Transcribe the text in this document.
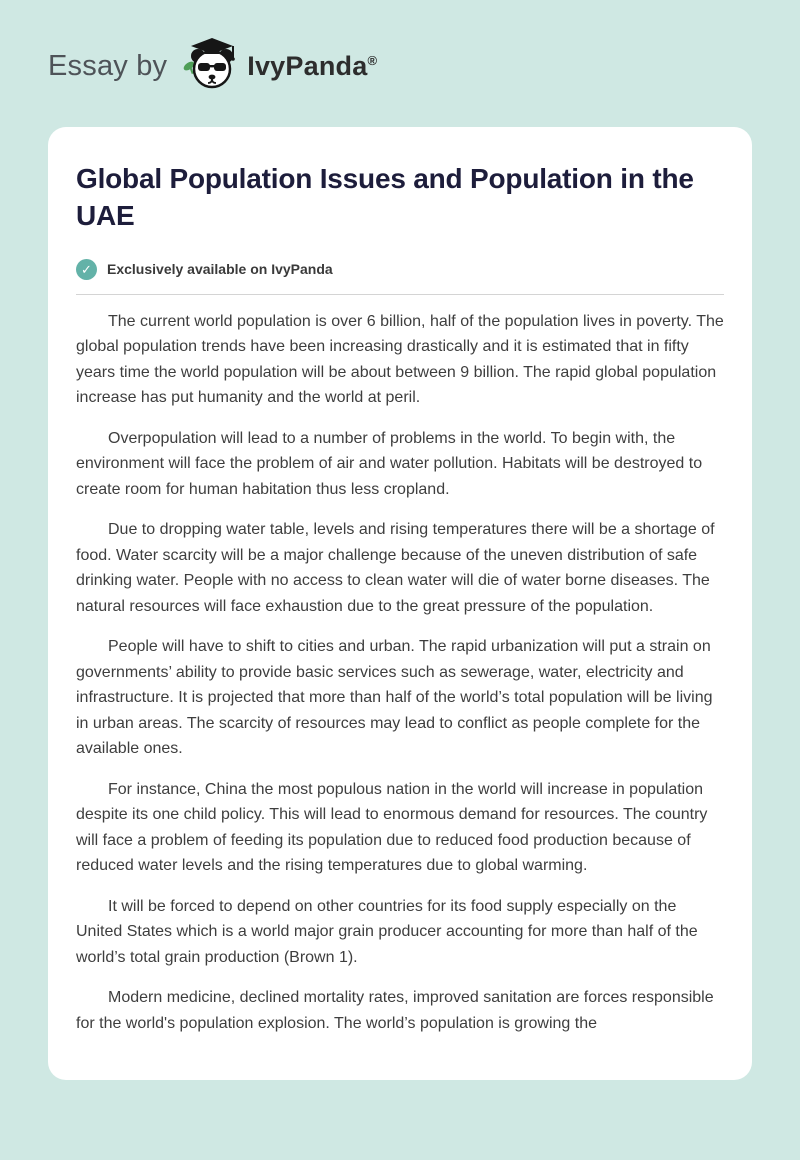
Essay by	IvyPanda®
Global Population Issues and Population in the UAE
✓	Exclusively available on IvyPanda

The current world population is over 6 billion, half of the population lives in poverty. The global population trends have been increasing drastically and it is estimated that in fifty years time the world population will be about between 9 billion. The rapid global population increase has put humanity and the world at peril.

Overpopulation will lead to a number of problems in the world. To begin with, the environment will face the problem of air and water pollution. Habitats will be destroyed to create room for human habitation thus less cropland.

Due to dropping water table, levels and rising temperatures there will be a shortage of food. Water scarcity will be a major challenge because of the uneven distribution of safe drinking water. People with no access to clean water will die of water borne diseases. The natural resources will face exhaustion due to the great pressure of the population.

People will have to shift to cities and urban. The rapid urbanization will put a strain on governments’ ability to provide basic services such as sewerage, water, electricity and infrastructure. It is projected that more than half of the world’s total population will be living in urban areas. The scarcity of resources may lead to conflict as people complete for the available ones.

For instance, China the most populous nation in the world will increase in population despite its one child policy. This will lead to enormous demand for resources. The country will face a problem of feeding its population due to reduced food production because of reduced water levels and the rising temperatures due to global warming.

It will be forced to depend on other countries for its food supply especially on the United States which is a world major grain producer accounting for more than half of the world’s total grain production (Brown 1).

Modern medicine, declined mortality rates, improved sanitation are forces responsible for the world's population explosion. The world’s population is growing the
